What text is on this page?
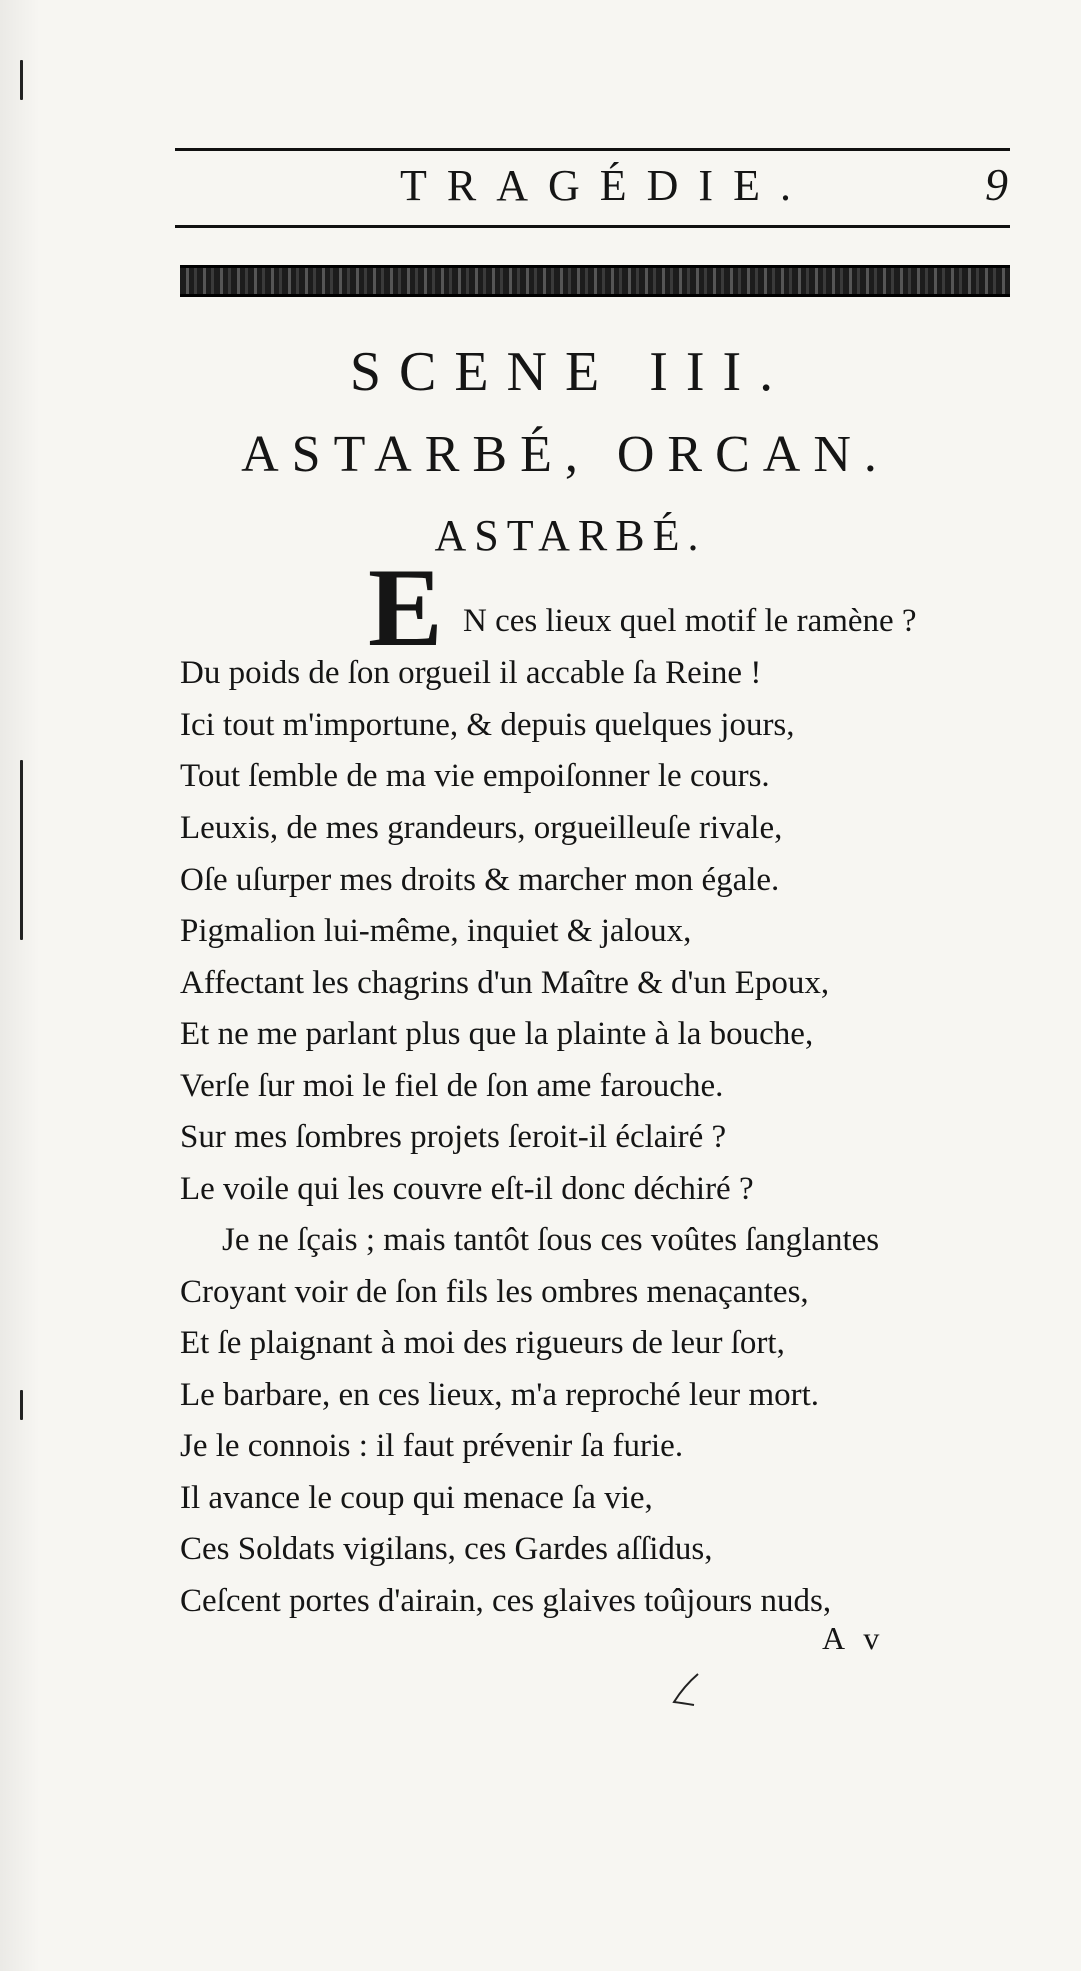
TRAGÉDIE.	9
SCENE III.
ASTARBÉ, ORCAN.
ASTARBÉ.
E N ces lieux quel motif le ramène ?
Du poids de ſon orgueil il accable ſa Reine !
Ici tout m'importune, & depuis quelques jours,
Tout ſemble de ma vie empoiſonner le cours.
Leuxis, de mes grandeurs, orgueilleuſe rivale,
Oſe uſurper mes droits & marcher mon égale.
Pigmalion lui-même, inquiet & jaloux,
Affectant les chagrins d'un Maître & d'un Epoux,
Et ne me parlant plus que la plainte à la bouche,
Verſe ſur moi le fiel de ſon ame farouche.
Sur mes ſombres projets ſeroit-il éclairé ?
Le voile qui les couvre eſt-il donc déchiré ?
Je ne ſçais ; mais tantôt ſous ces voûtes ſanglantes
Croyant voir de ſon fils les ombres menaçantes,
Et ſe plaignant à moi des rigueurs de leur ſort,
Le barbare, en ces lieux, m'a reproché leur mort.
Je le connois : il faut prévenir ſa furie.
Il avance le coup qui menace ſa vie,
Ces Soldats vigilans, ces Gardes aſſidus,
Ceſcent portes d'airain, ces glaives toûjours nuds,
A v
